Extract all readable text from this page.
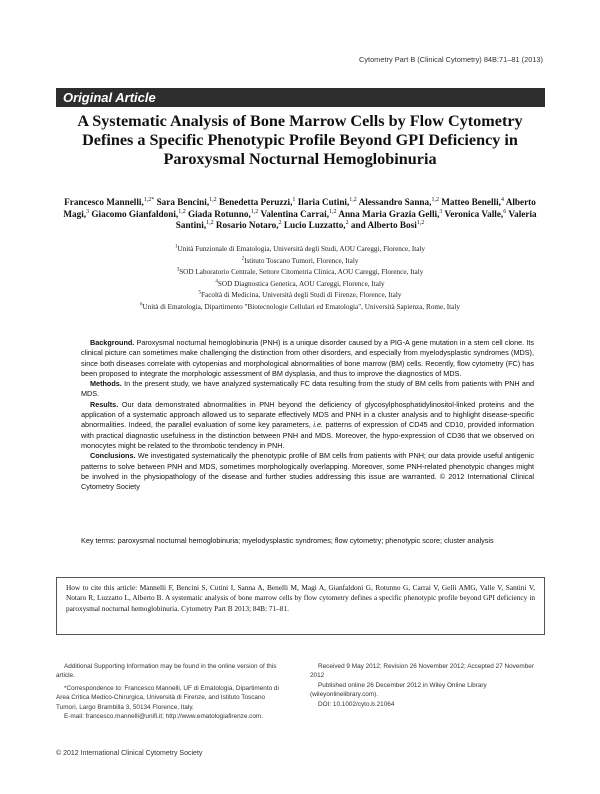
Cytometry Part B (Clinical Cytometry) 84B:71–81 (2013)
Original Article
A Systematic Analysis of Bone Marrow Cells by Flow Cytometry Defines a Specific Phenotypic Profile Beyond GPI Deficiency in Paroxysmal Nocturnal Hemoglobinuria
Francesco Mannelli,$^{1,2*}$ Sara Bencini,$^{1,2}$ Benedetta Peruzzi,$^1$ Ilaria Cutini,$^{1,2}$ Alessandro Sanna,$^{1,2}$ Matteo Benelli,$^4$ Alberto Magi,$^3$ Giacomo Gianfaldoni,$^{1,2}$ Giada Rotunno,$^{1,2}$ Valentina Carrai,$^{1,2}$ Anna Maria Grazia Gelli,$^3$ Veronica Valle,$^6$ Valeria Santini,$^{1,2}$ Rosario Notaro,$^2$ Lucio Luzzatto,$^2$ and Alberto Bosi$^{1,2}$
$^1$Unità Funzionale di Ematologia, Università degli Studi, AOU Careggi, Florence, Italy
$^2$Istituto Toscano Tumori, Florence, Italy
$^3$SOD Laboratorio Centrale, Settore Citometria Clinica, AOU Careggi, Florence, Italy
$^4$SOD Diagnostica Genetica, AOU Careggi, Florence, Italy
$^5$Facoltà di Medicina, Università degli Studi di Firenze, Florence, Italy
$^6$Unità di Ematologia, Dipartimento "Biotecnologie Cellulari ed Ematologia", Università Sapienza, Rome, Italy

Background. Paroxysmal nocturnal hemoglobinuria (PNH) is a unique disorder caused by a PIG-A gene mutation in a stem cell clone. Its clinical picture can sometimes make challenging the distinction from other disorders, and especially from myelodysplastic syndromes (MDS), since both diseases correlate with cytopenias and morphological abnormalities of bone marrow (BM) cells. Recently, flow cytometry (FC) has been proposed to integrate the morphologic assessment of BM dysplasia, and thus to improve the diagnostics of MDS.

Methods. In the present study, we have analyzed systematically FC data resulting from the study of BM cells from patients with PNH and MDS.

Results. Our data demonstrated abnormalities in PNH beyond the deficiency of glycosylphosphatidylinositol-linked proteins and the application of a systematic approach allowed us to separate effectively MDS and PNH in a cluster analysis and to highlight disease-specific abnormalities. Indeed, the parallel evaluation of some key parameters, i.e. patterns of expression of CD45 and CD10, provided information with practical diagnostic usefulness in the distinction between PNH and MDS. Moreover, the hypo-expression of CD36 that we observed on monocytes might be related to the thrombotic tendency in PNH.

Conclusions. We investigated systematically the phenotypic profile of BM cells from patients with PNH; our data provide useful antigenic patterns to solve between PNH and MDS, sometimes morphologically overlapping. Moreover, some PNH-related phenotypic changes might be involved in the physiopathology of the disease and further studies addressing this issue are warranted. © 2012 International Clinical Cytometry Society

Key terms: paroxysmal nocturnal hemoglobinuria; myelodysplastic syndromes; flow cytometry; phenotypic score; cluster analysis
How to cite this article: Mannelli F, Bencini S, Cutini I, Sanna A, Benelli M, Magi A, Gianfaldoni G, Rotunno G, Carrai V, Gelli AMG, Valle V, Santini V, Notaro R, Luzzatto L, Alberto B. A systematic analysis of bone marrow cells by flow cytometry defines a specific phenotypic profile beyond GPI deficiency in paroxysmal nocturnal hemoglobinuria. Cytometry Part B 2013; 84B: 71–81.

Additional Supporting Information may be found in the online version of this article.

*Correspondence to: Francesco Mannelli, UF di Ematologia, Dipartimento di Area Critica Medico-Chirurgica, Università di Firenze, and Istituto Toscano Tumori, Largo Brambilla 3, 50134 Florence, Italy.

E-mail: francesco.mannelli@unifi.it; http://www.ematologiafirenze.com.

Received 9 May 2012; Revision 26 November 2012; Accepted 27 November 2012
Published online 26 December 2012 in Wiley Online Library (wileyonlinelibrary.com).
DOI: 10.1002/cyto.b.21064
© 2012 International Clinical Cytometry Society
